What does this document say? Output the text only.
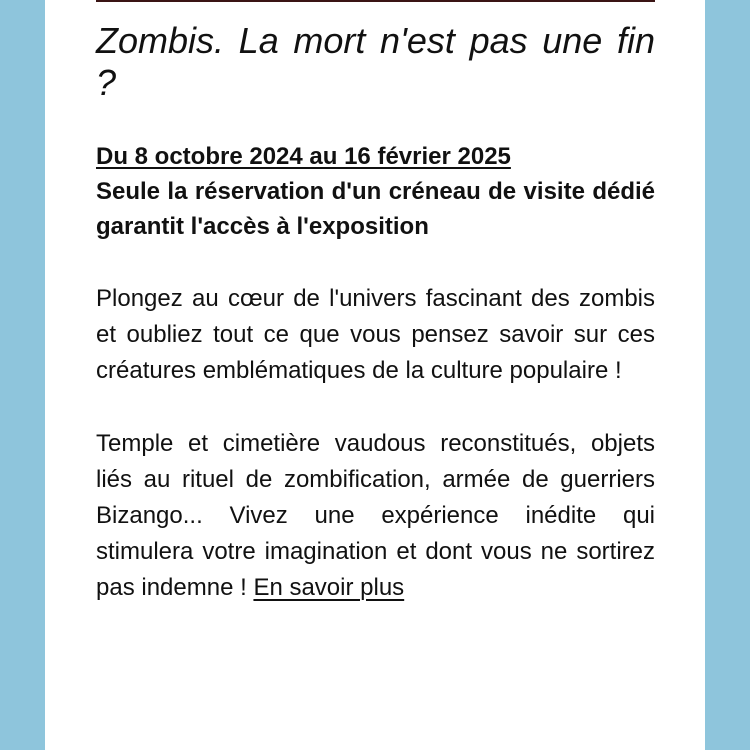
Zombis. La mort n'est pas une fin ?
Du 8 octobre 2024 au 16 février 2025
Seule la réservation d'un créneau de visite dédié garantit l'accès à l'exposition

Plongez au cœur de l'univers fascinant des zombis et oubliez tout ce que vous pensez savoir sur ces créatures emblématiques de la culture populaire !

Temple et cimetière vaudous reconstitués, objets liés au rituel de zombification, armée de guerriers Bizango... Vivez une expérience inédite qui stimulera votre imagination et dont vous ne sortirez pas indemne ! En savoir plus
